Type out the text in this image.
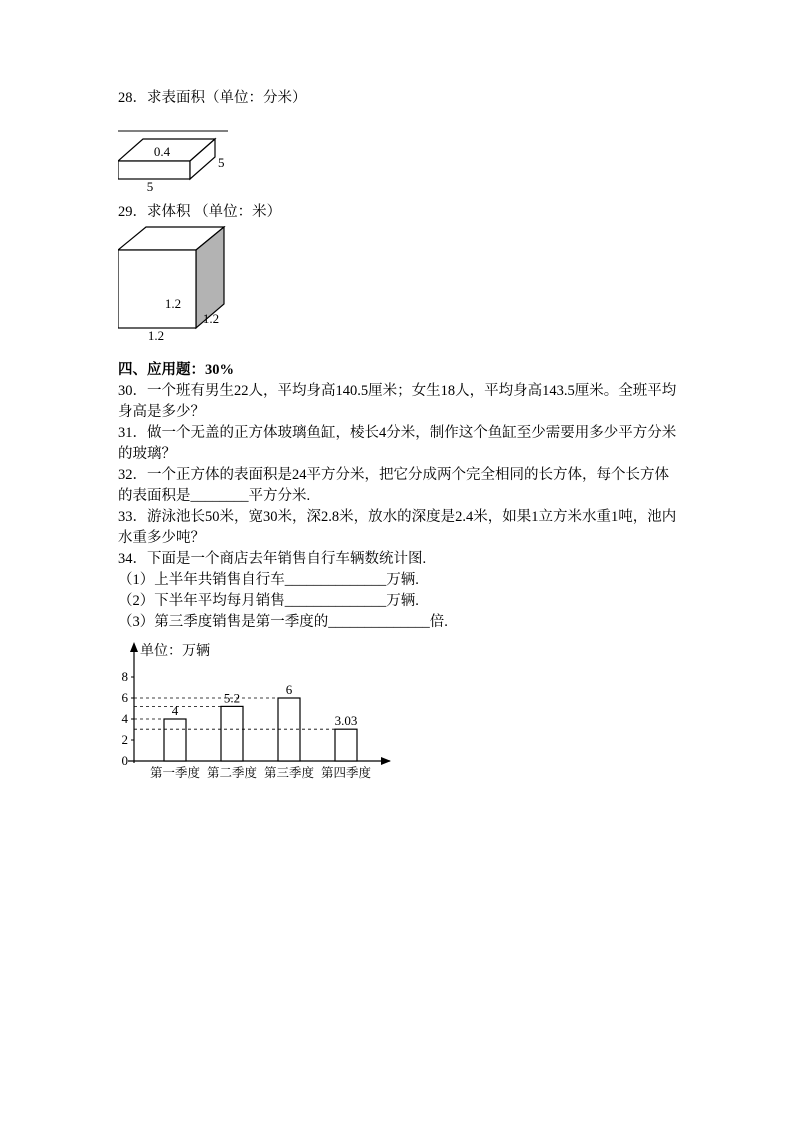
28．求表面积（单位：分米）

0.4
5
5

29．求体积 （单位：米）

1.2
1.2
1.2

四、应用题：30%

30．一个班有男生22人，平均身高140.5厘米；女生18人，平均身高143.5厘米。全班平均身高是多少？

31．做一个无盖的正方体玻璃鱼缸，棱长4分米，制作这个鱼缸至少需要用多少平方分米的玻璃？

32．一个正方体的表面积是24平方分米，把它分成两个完全相同的长方体，每个长方体的表面积是________平方分米.

33．游泳池长50米，宽30米，深2.8米，放水的深度是2.4米，如果1立方米水重1吨，池内水重多少吨？

34．下面是一个商店去年销售自行车辆数统计图.

（1）上半年共销售自行车______________万辆.

（2）下半年平均每月销售______________万辆.

（3）第三季度销售是第一季度的______________倍.

单位：万辆
0
2
4
6
8
4
第一季度
5.2
第二季度
6
第三季度
3.03
第四季度
